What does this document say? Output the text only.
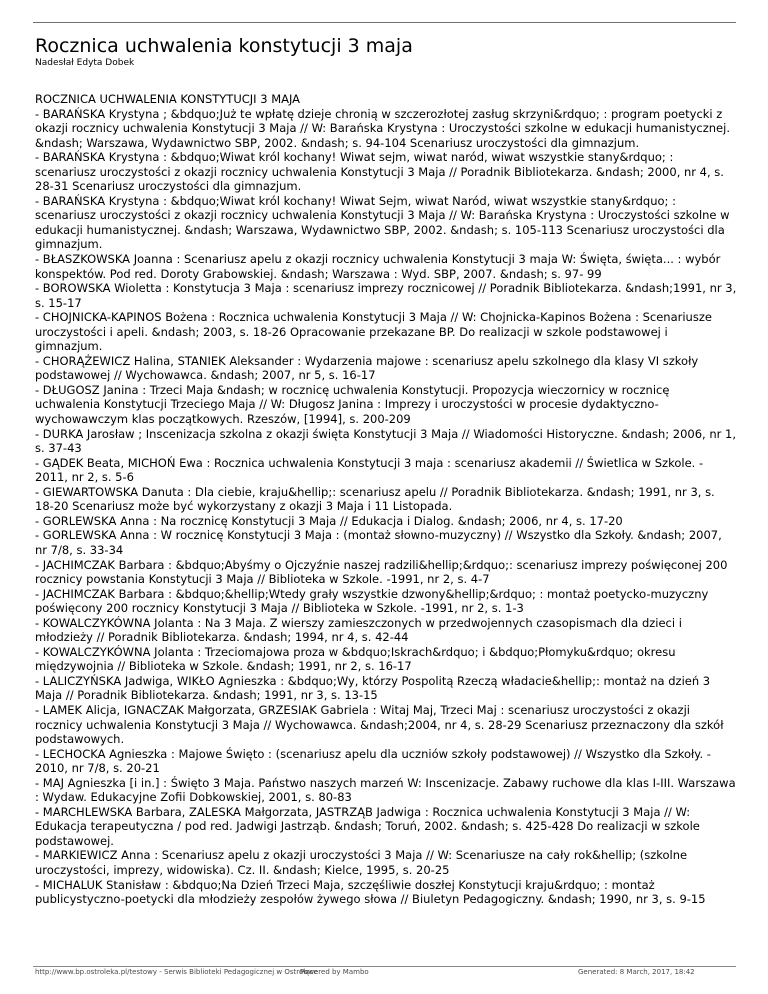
Rocznica uchwalenia konstytucji 3 maja
Nadesłał Edyta Dobek
ROCZNICA UCHWALENIA KONSTYTUCJI 3 MAJA
- BARAŃSKA Krystyna ; &bdquo;Już te wpłatę dzieje chronią w szczerozłotej zasług skrzyni&rdquo; : program poetycki z okazji rocznicy uchwalenia Konstytucji 3 Maja // W: Barańska Krystyna : Uroczystości szkolne w edukacji humanistycznej. &ndash; Warszawa, Wydawnictwo SBP, 2002. &ndash; s. 94-104 Scenariusz uroczystości dla gimnazjum.
- BARAŃSKA Krystyna : &bdquo;Wiwat król kochany! Wiwat sejm, wiwat naród, wiwat wszystkie stany&rdquo; : scenariusz uroczystości z okazji rocznicy uchwalenia Konstytucji 3 Maja // Poradnik Bibliotekarza. &ndash; 2000, nr 4, s. 28-31 Scenariusz uroczystości dla gimnazjum.
- BARAŃSKA Krystyna : &bdquo;Wiwat król kochany! Wiwat Sejm, wiwat Naród, wiwat wszystkie stany&rdquo; : scenariusz uroczystości z okazji rocznicy uchwalenia Konstytucji 3 Maja // W: Barańska Krystyna : Uroczystości szkolne w edukacji humanistycznej. &ndash; Warszawa, Wydawnictwo SBP, 2002. &ndash; s. 105-113 Scenariusz uroczystości dla gimnazjum.
- BŁASZKOWSKA Joanna : Scenariusz apelu z okazji rocznicy uchwalenia Konstytucji 3 maja W: Święta, święta... : wybór konspektów. Pod red. Doroty Grabowskiej. &ndash; Warszawa : Wyd. SBP, 2007. &ndash; s. 97- 99
- BOROWSKA Wioletta : Konstytucja 3 Maja : scenariusz imprezy rocznicowej // Poradnik Bibliotekarza. &ndash;1991, nr 3, s. 15-17
- CHOJNICKA-KAPINOS Bożena : Rocznica uchwalenia Konstytucji 3 Maja // W: Chojnicka-Kapinos Bożena : Scenariusze uroczystości i apeli. &ndash; 2003, s. 18-26 Opracowanie przekazane BP. Do realizacji w szkole podstawowej i gimnazjum.
- CHORĄŻEWICZ Halina, STANIEK Aleksander : Wydarzenia majowe : scenariusz apelu szkolnego dla klasy VI szkoły podstawowej // Wychowawca. &ndash; 2007, nr 5, s. 16-17
- DŁUGOSZ Janina : Trzeci Maja &ndash; w rocznicę uchwalenia Konstytucji. Propozycja wieczornicy w rocznicę uchwalenia Konstytucji Trzeciego Maja // W: Długosz Janina : Imprezy i uroczystości w procesie dydaktyczno-wychowawczym klas początkowych. Rzeszów, [1994], s. 200-209
- DURKA Jarosław ; Inscenizacja szkolna z okazji święta Konstytucji 3 Maja // Wiadomości Historyczne. &ndash; 2006, nr 1, s. 37-43
- GĄDEK Beata, MICHOŃ Ewa : Rocznica uchwalenia Konstytucji 3 maja : scenariusz akademii // Świetlica w Szkole. - 2011, nr 2, s. 5-6
- GIEWARTOWSKA Danuta : Dla ciebie, kraju&hellip;: scenariusz apelu // Poradnik Bibliotekarza. &ndash; 1991, nr 3, s. 18-20 Scenariusz może być wykorzystany z okazji 3 Maja i 11 Listopada.
- GORLEWSKA Anna : Na rocznicę Konstytucji 3 Maja // Edukacja i Dialog. &ndash; 2006, nr 4, s. 17-20
- GORLEWSKA Anna : W rocznicę Konstytucji 3 Maja : (montaż słowno-muzyczny) // Wszystko dla Szkoły. &ndash; 2007, nr 7/8, s. 33-34
- JACHIMCZAK Barbara : &bdquo;Abyśmy o Ojczyźnie naszej radzili&hellip;&rdquo;: scenariusz imprezy poświęconej 200 rocznicy powstania Konstytucji 3 Maja // Biblioteka w Szkole. -1991, nr 2, s. 4-7
- JACHIMCZAK Barbara : &bdquo;&hellip;Wtedy grały wszystkie dzwony&hellip;&rdquo; : montaż poetycko-muzyczny poświęcony 200 rocznicy Konstytucji 3 Maja // Biblioteka w Szkole. -1991, nr 2, s. 1-3
- KOWALCZYKÓWNA Jolanta : Na 3 Maja. Z wierszy zamieszczonych w przedwojennych czasopismach dla dzieci i młodzieży // Poradnik Bibliotekarza. &ndash; 1994, nr 4, s. 42-44
- KOWALCZYKÓWNA Jolanta : Trzeciomajowa proza w &bdquo;Iskrach&rdquo; i &bdquo;Płomyku&rdquo; okresu międzywojnia // Biblioteka w Szkole. &ndash; 1991, nr 2, s. 16-17
- LALICZYŃSKA Jadwiga, WIKŁO Agnieszka : &bdquo;Wy, którzy Pospolitą Rzeczą władacie&hellip;: montaż na dzień 3 Maja // Poradnik Bibliotekarza. &ndash; 1991, nr 3, s. 13-15
- LAMEK Alicja, IGNACZAK Małgorzata, GRZESIAK Gabriela : Witaj Maj, Trzeci Maj : scenariusz uroczystości z okazji rocznicy uchwalenia Konstytucji 3 Maja // Wychowawca. &ndash;2004, nr 4, s. 28-29 Scenariusz przeznaczony dla szkół podstawowych.
- LECHOCKA Agnieszka : Majowe Święto : (scenariusz apelu dla uczniów szkoły podstawowej) // Wszystko dla Szkoły. - 2010, nr 7/8, s. 20-21
- MAJ Agnieszka [i in.] : Święto 3 Maja. Państwo naszych marzeń W: Inscenizacje. Zabawy ruchowe dla klas I-III. Warszawa : Wydaw. Edukacyjne Zofii Dobkowskiej, 2001, s. 80-83
- MARCHLEWSKA Barbara, ZALESKA Małgorzata, JASTRZĄB Jadwiga : Rocznica uchwalenia Konstytucji 3 Maja // W: Edukacja terapeutyczna / pod red. Jadwigi Jastrząb. &ndash; Toruń, 2002. &ndash; s. 425-428 Do realizacji w szkole podstawowej.
- MARKIEWICZ Anna : Scenariusz apelu z okazji uroczystości 3 Maja // W: Scenariusze na cały rok&hellip; (szkolne uroczystości, imprezy, widowiska). Cz. II. &ndash; Kielce, 1995, s. 20-25
- MICHALUK Stanisław : &bdquo;Na Dzień Trzeci Maja, szczęśliwie doszłej Konstytucji kraju&rdquo; : montaż publicystyczno-poetycki dla młodzieży zespołów żywego słowa // Biuletyn Pedagogiczny. &ndash; 1990, nr 3, s. 9-15
http://www.bp.ostroleka.pl/testowy - Serwis Biblioteki Pedagogicznej w Ostrołęce
Powered by Mambo	Generated: 8 March, 2017, 18:42
